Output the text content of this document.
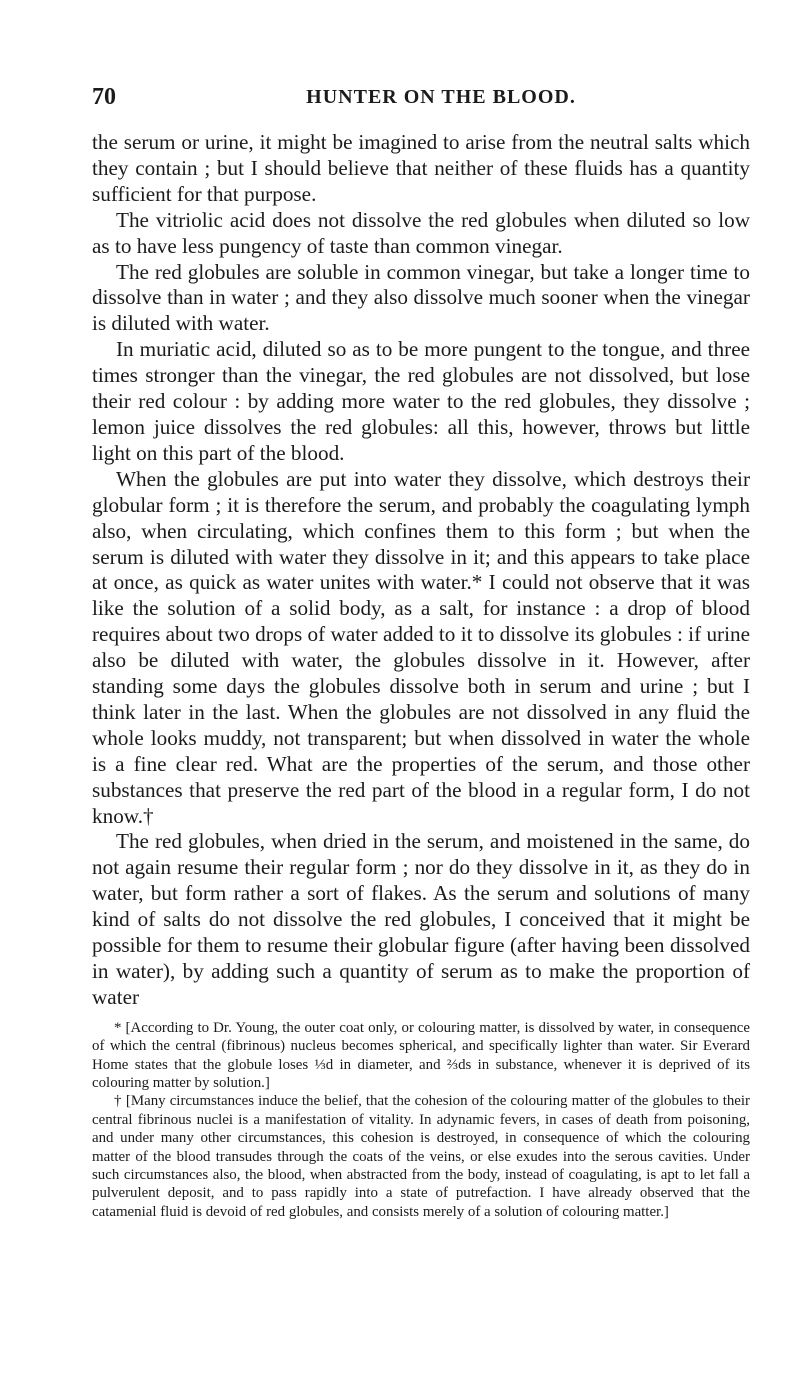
70	HUNTER ON THE BLOOD.

the serum or urine, it might be imagined to arise from the neutral salts which they contain ; but I should believe that neither of these fluids has a quantity sufficient for that purpose.

The vitriolic acid does not dissolve the red globules when diluted so low as to have less pungency of taste than common vinegar.

The red globules are soluble in common vinegar, but take a longer time to dissolve than in water ; and they also dissolve much sooner when the vinegar is diluted with water.

In muriatic acid, diluted so as to be more pungent to the tongue, and three times stronger than the vinegar, the red globules are not dissolved, but lose their red colour : by adding more water to the red globules, they dissolve ; lemon juice dissolves the red globules: all this, however, throws but little light on this part of the blood.

When the globules are put into water they dissolve, which destroys their globular form ; it is therefore the serum, and probably the coagulating lymph also, when circulating, which confines them to this form ; but when the serum is diluted with water they dissolve in it; and this appears to take place at once, as quick as water unites with water.* I could not observe that it was like the solution of a solid body, as a salt, for instance : a drop of blood requires about two drops of water added to it to dissolve its globules : if urine also be diluted with water, the globules dissolve in it. However, after standing some days the globules dissolve both in serum and urine ; but I think later in the last. When the globules are not dissolved in any fluid the whole looks muddy, not transparent; but when dissolved in water the whole is a fine clear red. What are the properties of the serum, and those other substances that preserve the red part of the blood in a regular form, I do not know.†

The red globules, when dried in the serum, and moistened in the same, do not again resume their regular form ; nor do they dissolve in it, as they do in water, but form rather a sort of flakes. As the serum and solutions of many kind of salts do not dissolve the red globules, I conceived that it might be possible for them to resume their globular figure (after having been dissolved in water), by adding such a quantity of serum as to make the proportion of water

* [According to Dr. Young, the outer coat only, or colouring matter, is dissolved by water, in consequence of which the central (fibrinous) nucleus becomes spherical, and specifically lighter than water. Sir Everard Home states that the globule loses ⅓d in diameter, and ⅔ds in substance, whenever it is deprived of its colouring matter by solution.]

† [Many circumstances induce the belief, that the cohesion of the colouring matter of the globules to their central fibrinous nuclei is a manifestation of vitality. In adynamic fevers, in cases of death from poisoning, and under many other circumstances, this cohesion is destroyed, in consequence of which the colouring matter of the blood transudes through the coats of the veins, or else exudes into the serous cavities. Under such circumstances also, the blood, when abstracted from the body, instead of coagulating, is apt to let fall a pulverulent deposit, and to pass rapidly into a state of putrefaction. I have already observed that the catamenial fluid is devoid of red globules, and consists merely of a solution of colouring matter.]
